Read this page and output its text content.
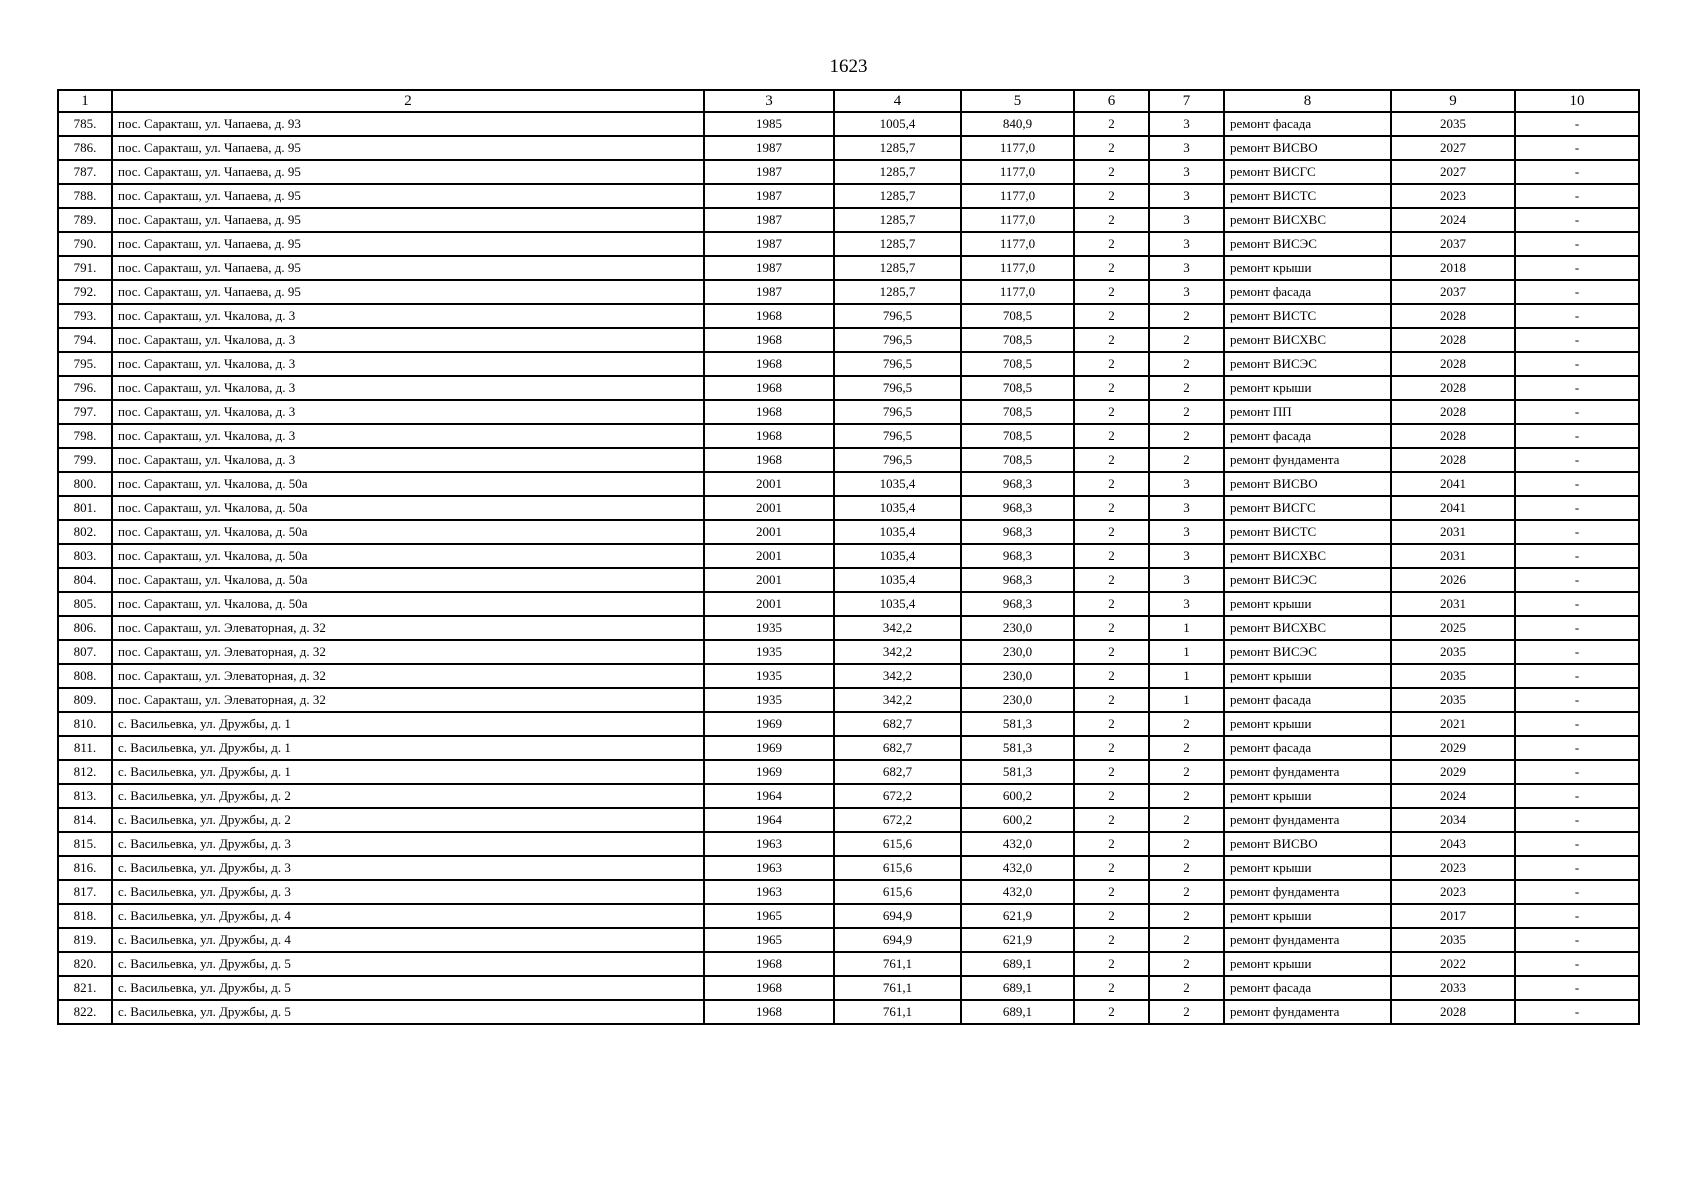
1623
1	2	3	4	5	6	7	8	9	10
785.	пос. Саракташ, ул. Чапаева, д. 93	1985	1005,4	840,9	2	3	ремонт фасада	2035	-
786.	пос. Саракташ, ул. Чапаева, д. 95	1987	1285,7	1177,0	2	3	ремонт ВИСВО	2027	-
787.	пос. Саракташ, ул. Чапаева, д. 95	1987	1285,7	1177,0	2	3	ремонт ВИСГС	2027	-
788.	пос. Саракташ, ул. Чапаева, д. 95	1987	1285,7	1177,0	2	3	ремонт ВИСТС	2023	-
789.	пос. Саракташ, ул. Чапаева, д. 95	1987	1285,7	1177,0	2	3	ремонт ВИСХВС	2024	-
790.	пос. Саракташ, ул. Чапаева, д. 95	1987	1285,7	1177,0	2	3	ремонт ВИСЭС	2037	-
791.	пос. Саракташ, ул. Чапаева, д. 95	1987	1285,7	1177,0	2	3	ремонт крыши	2018	-
792.	пос. Саракташ, ул. Чапаева, д. 95	1987	1285,7	1177,0	2	3	ремонт фасада	2037	-
793.	пос. Саракташ, ул. Чкалова, д. 3	1968	796,5	708,5	2	2	ремонт ВИСТС	2028	-
794.	пос. Саракташ, ул. Чкалова, д. 3	1968	796,5	708,5	2	2	ремонт ВИСХВС	2028	-
795.	пос. Саракташ, ул. Чкалова, д. 3	1968	796,5	708,5	2	2	ремонт ВИСЭС	2028	-
796.	пос. Саракташ, ул. Чкалова, д. 3	1968	796,5	708,5	2	2	ремонт крыши	2028	-
797.	пос. Саракташ, ул. Чкалова, д. 3	1968	796,5	708,5	2	2	ремонт ПП	2028	-
798.	пос. Саракташ, ул. Чкалова, д. 3	1968	796,5	708,5	2	2	ремонт фасада	2028	-
799.	пос. Саракташ, ул. Чкалова, д. 3	1968	796,5	708,5	2	2	ремонт фундамента	2028	-
800.	пос. Саракташ, ул. Чкалова, д. 50а	2001	1035,4	968,3	2	3	ремонт ВИСВО	2041	-
801.	пос. Саракташ, ул. Чкалова, д. 50а	2001	1035,4	968,3	2	3	ремонт ВИСГС	2041	-
802.	пос. Саракташ, ул. Чкалова, д. 50а	2001	1035,4	968,3	2	3	ремонт ВИСТС	2031	-
803.	пос. Саракташ, ул. Чкалова, д. 50а	2001	1035,4	968,3	2	3	ремонт ВИСХВС	2031	-
804.	пос. Саракташ, ул. Чкалова, д. 50а	2001	1035,4	968,3	2	3	ремонт ВИСЭС	2026	-
805.	пос. Саракташ, ул. Чкалова, д. 50а	2001	1035,4	968,3	2	3	ремонт крыши	2031	-
806.	пос. Саракташ, ул. Элеваторная, д. 32	1935	342,2	230,0	2	1	ремонт ВИСХВС	2025	-
807.	пос. Саракташ, ул. Элеваторная, д. 32	1935	342,2	230,0	2	1	ремонт ВИСЭС	2035	-
808.	пос. Саракташ, ул. Элеваторная, д. 32	1935	342,2	230,0	2	1	ремонт крыши	2035	-
809.	пос. Саракташ, ул. Элеваторная, д. 32	1935	342,2	230,0	2	1	ремонт фасада	2035	-
810.	с. Васильевка, ул. Дружбы, д. 1	1969	682,7	581,3	2	2	ремонт крыши	2021	-
811.	с. Васильевка, ул. Дружбы, д. 1	1969	682,7	581,3	2	2	ремонт фасада	2029	-
812.	с. Васильевка, ул. Дружбы, д. 1	1969	682,7	581,3	2	2	ремонт фундамента	2029	-
813.	с. Васильевка, ул. Дружбы, д. 2	1964	672,2	600,2	2	2	ремонт крыши	2024	-
814.	с. Васильевка, ул. Дружбы, д. 2	1964	672,2	600,2	2	2	ремонт фундамента	2034	-
815.	с. Васильевка, ул. Дружбы, д. 3	1963	615,6	432,0	2	2	ремонт ВИСВО	2043	-
816.	с. Васильевка, ул. Дружбы, д. 3	1963	615,6	432,0	2	2	ремонт крыши	2023	-
817.	с. Васильевка, ул. Дружбы, д. 3	1963	615,6	432,0	2	2	ремонт фундамента	2023	-
818.	с. Васильевка, ул. Дружбы, д. 4	1965	694,9	621,9	2	2	ремонт крыши	2017	-
819.	с. Васильевка, ул. Дружбы, д. 4	1965	694,9	621,9	2	2	ремонт фундамента	2035	-
820.	с. Васильевка, ул. Дружбы, д. 5	1968	761,1	689,1	2	2	ремонт крыши	2022	-
821.	с. Васильевка, ул. Дружбы, д. 5	1968	761,1	689,1	2	2	ремонт фасада	2033	-
822.	с. Васильевка, ул. Дружбы, д. 5	1968	761,1	689,1	2	2	ремонт фундамента	2028	-
